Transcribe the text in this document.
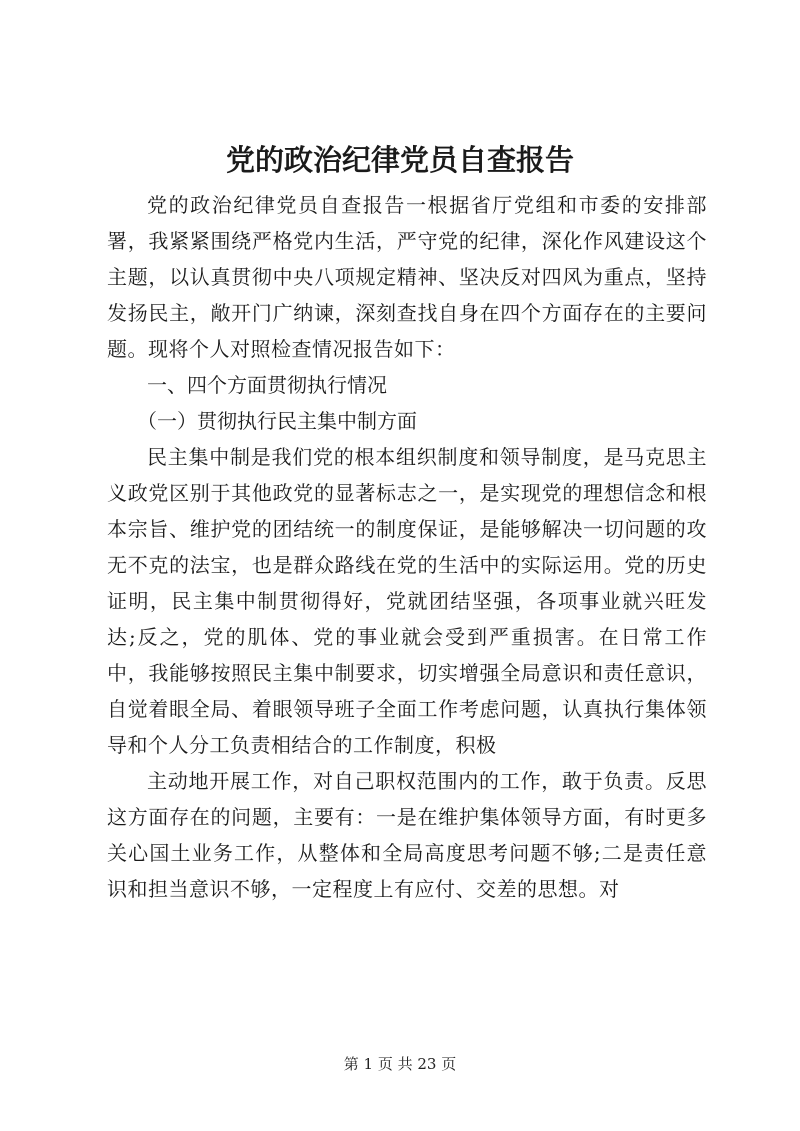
党的政治纪律党员自查报告

党的政治纪律党员自查报告一根据省厅党组和市委的安排部署，我紧紧围绕严格党内生活，严守党的纪律，深化作风建设这个主题，以认真贯彻中央八项规定精神、坚决反对四风为重点，坚持发扬民主，敞开门广纳谏，深刻查找自身在四个方面存在的主要问题。现将个人对照检查情况报告如下：

一、四个方面贯彻执行情况

（一）贯彻执行民主集中制方面

民主集中制是我们党的根本组织制度和领导制度，是马克思主义政党区别于其他政党的显著标志之一，是实现党的理想信念和根本宗旨、维护党的团结统一的制度保证，是能够解决一切问题的攻无不克的法宝，也是群众路线在党的生活中的实际运用。党的历史证明，民主集中制贯彻得好，党就团结坚强，各项事业就兴旺发达;反之，党的肌体、党的事业就会受到严重损害。在日常工作中，我能够按照民主集中制要求，切实增强全局意识和责任意识，自觉着眼全局、着眼领导班子全面工作考虑问题，认真执行集体领导和个人分工负责相结合的工作制度，积极

主动地开展工作，对自己职权范围内的工作，敢于负责。反思这方面存在的问题，主要有：一是在维护集体领导方面，有时更多关心国土业务工作，从整体和全局高度思考问题不够;二是责任意识和担当意识不够，一定程度上有应付、交差的思想。对

第 1 页 共 23 页
